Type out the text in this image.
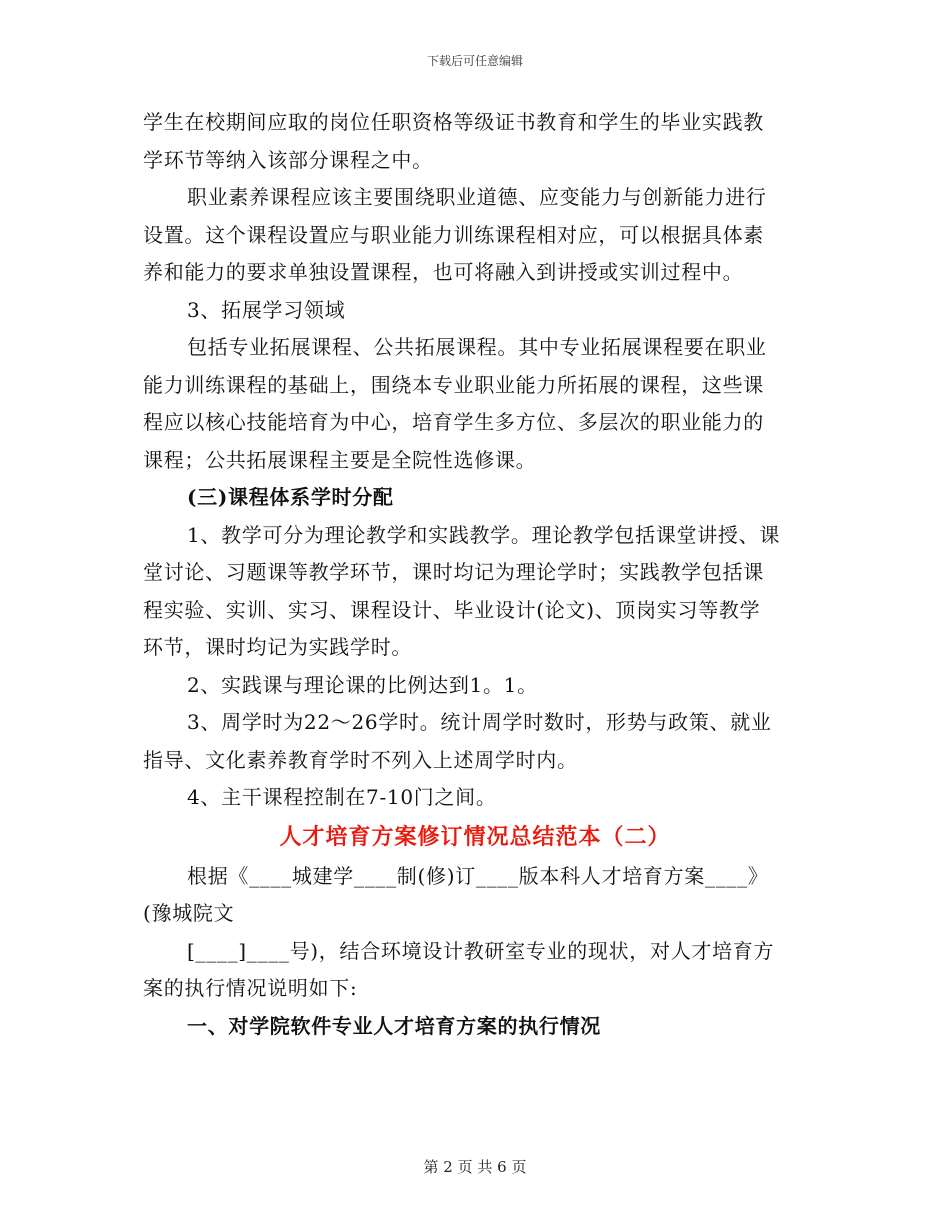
下载后可任意编辑
学生在校期间应取的岗位任职资格等级证书教育和学生的毕业实践教
学环节等纳入该部分课程之中。
职业素养课程应该主要围绕职业道德、应变能力与创新能力进行
设置。这个课程设置应与职业能力训练课程相对应，可以根据具体素
养和能力的要求单独设置课程，也可将融入到讲授或实训过程中。
3、拓展学习领域
包括专业拓展课程、公共拓展课程。其中专业拓展课程要在职业
能力训练课程的基础上，围绕本专业职业能力所拓展的课程，这些课
程应以核心技能培育为中心，培育学生多方位、多层次的职业能力的
课程；公共拓展课程主要是全院性选修课。
(三)课程体系学时分配
1、教学可分为理论教学和实践教学。理论教学包括课堂讲授、课
堂讨论、习题课等教学环节，课时均记为理论学时；实践教学包括课
程实验、实训、实习、课程设计、毕业设计(论文)、顶岗实习等教学
环节，课时均记为实践学时。
2、实践课与理论课的比例达到1。1。
3、周学时为22～26学时。统计周学时数时，形势与政策、就业
指导、文化素养教育学时不列入上述周学时内。
4、主干课程控制在7-10门之间。
人才培育方案修订情况总结范本（二）
根据《____城建学____制(修)订____版本科人才培育方案____》
(豫城院文
[____]____号)，结合环境设计教研室专业的现状，对人才培育方
案的执行情况说明如下:
一、对学院软件专业人才培育方案的执行情况
第 2 页 共 6 页
